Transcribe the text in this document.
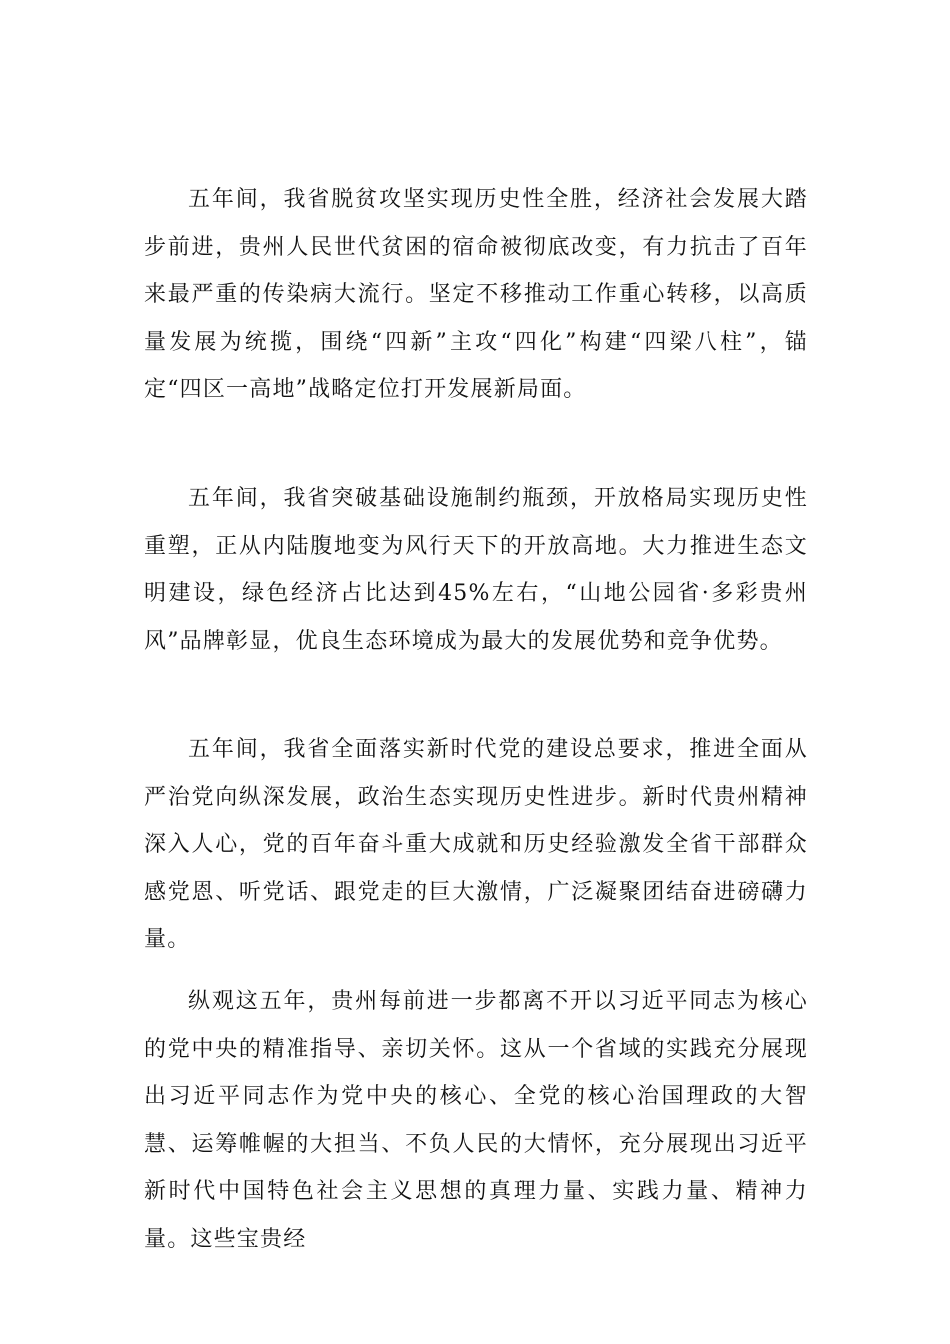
五年间，我省脱贫攻坚实现历史性全胜，经济社会发展大踏步前进，贵州人民世代贫困的宿命被彻底改变，有力抗击了百年来最严重的传染病大流行。坚定不移推动工作重心转移，以高质量发展为统揽，围绕“四新”主攻“四化”构建“四梁八柱”，锚定“四区一高地”战略定位打开发展新局面。

五年间，我省突破基础设施制约瓶颈，开放格局实现历史性重塑，正从内陆腹地变为风行天下的开放高地。大力推进生态文明建设，绿色经济占比达到45%左右，“山地公园省·多彩贵州风”品牌彰显，优良生态环境成为最大的发展优势和竞争优势。

五年间，我省全面落实新时代党的建设总要求，推进全面从严治党向纵深发展，政治生态实现历史性进步。新时代贵州精神深入人心，党的百年奋斗重大成就和历史经验激发全省干部群众感党恩、听党话、跟党走的巨大激情，广泛凝聚团结奋进磅礴力量。

纵观这五年，贵州每前进一步都离不开以习近平同志为核心的党中央的精准指导、亲切关怀。这从一个省域的实践充分展现出习近平同志作为党中央的核心、全党的核心治国理政的大智慧、运筹帷幄的大担当、不负人民的大情怀，充分展现出习近平新时代中国特色社会主义思想的真理力量、实践力量、精神力量。这些宝贵经
